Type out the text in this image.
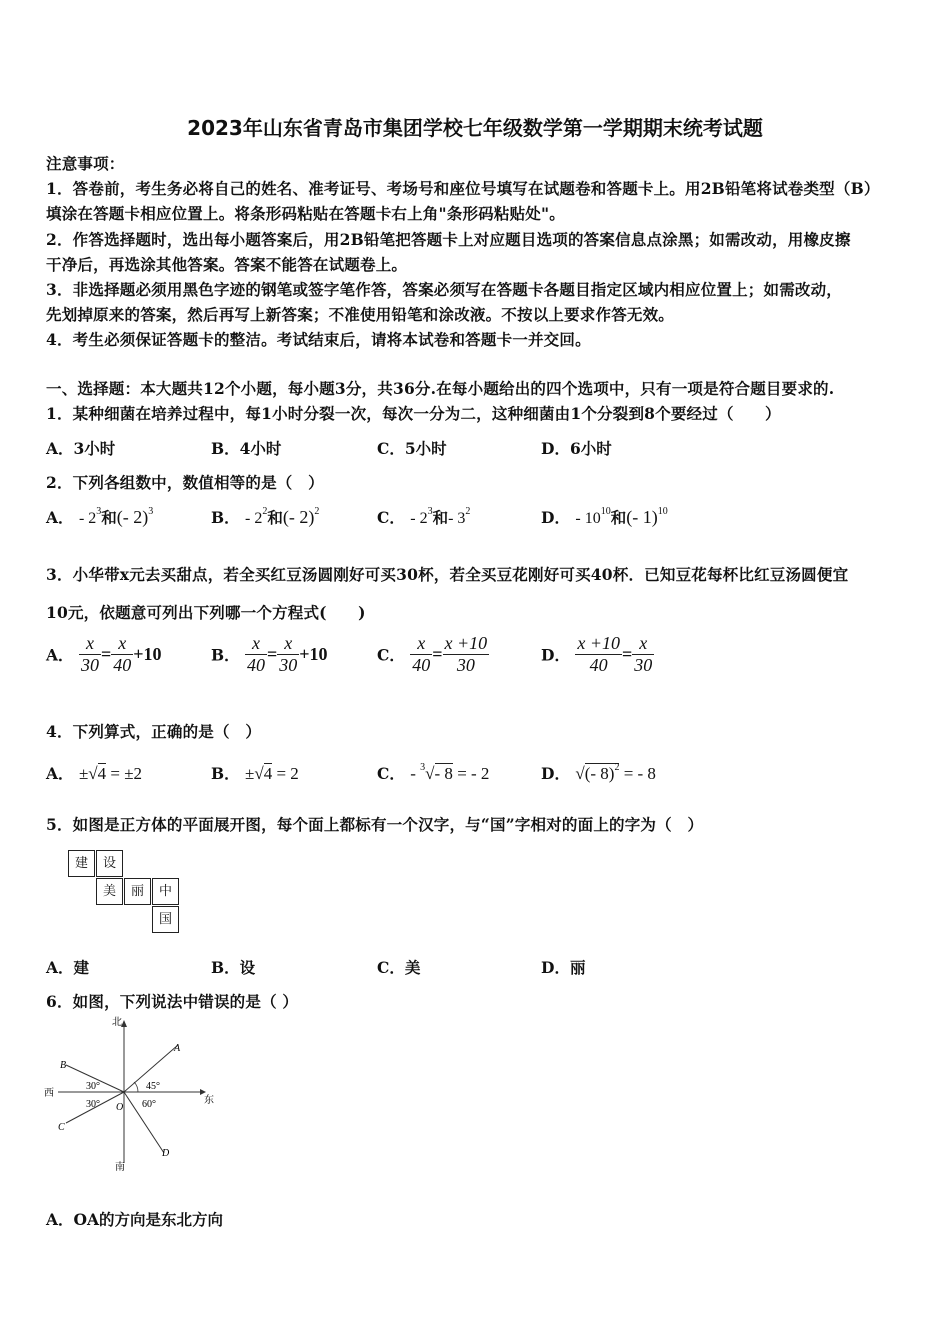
2023年山东省青岛市集团学校七年级数学第一学期期末统考试题
注意事项：
1．答卷前，考生务必将自己的姓名、准考证号、考场号和座位号填写在试题卷和答题卡上。用2B铅笔将试卷类型（B）
填涂在答题卡相应位置上。将条形码粘贴在答题卡右上角"条形码粘贴处"。
2．作答选择题时，选出每小题答案后，用2B铅笔把答题卡上对应题目选项的答案信息点涂黑；如需改动，用橡皮擦
干净后，再选涂其他答案。答案不能答在试题卷上。
3．非选择题必须用黑色字迹的钢笔或签字笔作答，答案必须写在答题卡各题目指定区域内相应位置上；如需改动，
先划掉原来的答案，然后再写上新答案；不准使用铅笔和涂改液。不按以上要求作答无效。
4．考生必须保证答题卡的整洁。考试结束后，请将本试卷和答题卡一并交回。
一、选择题：本大题共12个小题，每小题3分，共36分.在每小题给出的四个选项中，只有一项是符合题目要求的.
1．某种细菌在培养过程中，每1小时分裂一次，每次一分为二，这种细菌由1个分裂到8个要经过（　　）
A．3小时	B．4小时	C．5小时	D．6小时
2．下列各组数中，数值相等的是（　）
A． - $2^3$和(- 2)$^3$	B． - $2^2$和(- 2)$^2$	C． - $2^3$和- $3^2$	D． - $10^{10}$和(- 1)$^{10}$
3．小华带x元去买甜点，若全买红豆汤圆刚好可买30杯，若全买豆花刚好可买40杯．已知豆花每杯比红豆汤圆便宜
10元，依题意可列出下列哪一个方程式(　　)
A． $\frac{x}{30} = \frac{x}{40} +10$	B． $\frac{x}{40} = \frac{x}{30} +10$	C． $\frac{x}{40} = \frac{x +10}{30}$	D． $\frac{x +10}{40} = \frac{x}{30}$
4．下列算式，正确的是（　）
A． ±√4 = ±2	B． ±√4 = 2	C． - $^3$√- 8 = - 2	D． √(- 8)$^2$ = - 8
5．如图是正方体的平面展开图，每个面上都标有一个汉字，与“国”字相对的面上的字为（　）
建	设
美	丽	中
国
A．建	B．设	C．美	D．丽
6．如图，下列说法中错误的是（ ）
北
南
西
东
A
B
C
D
O
30°
30°
45°
60°
A．OA的方向是东北方向
